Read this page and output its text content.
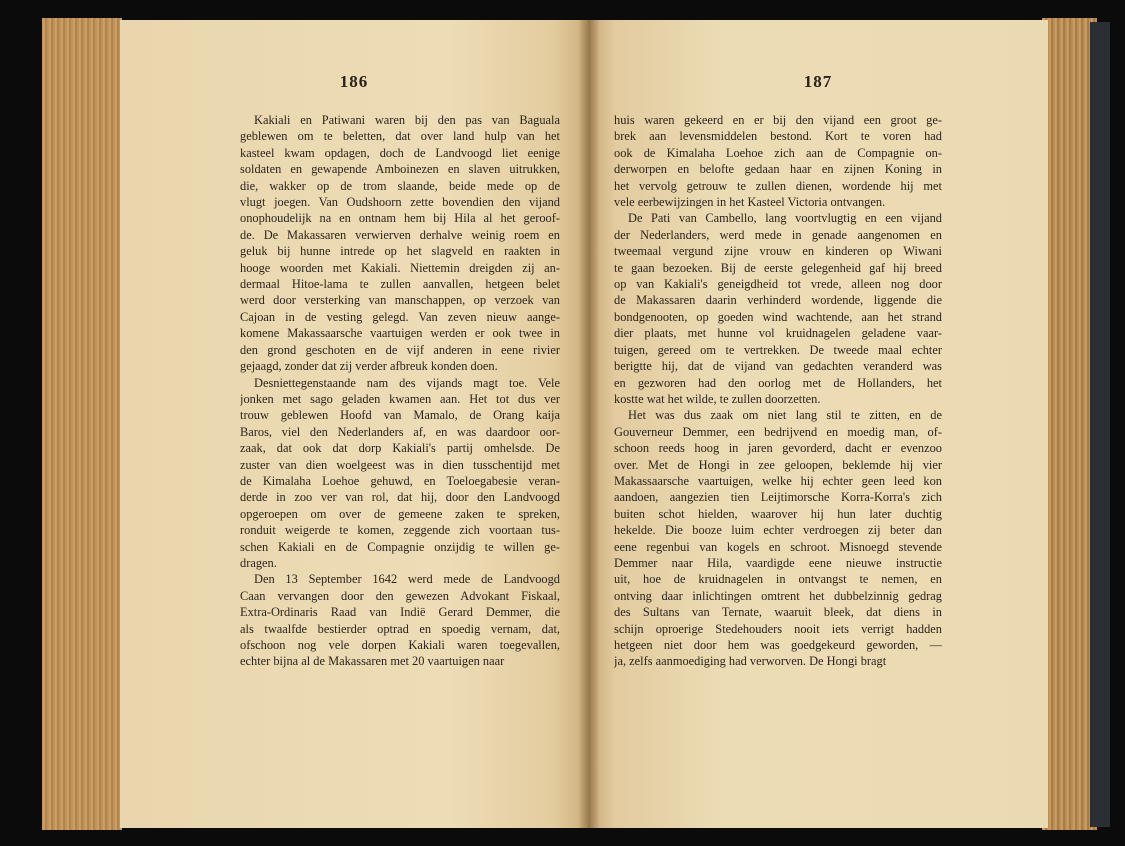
186
Kakiali en Patiwani waren bij den pas van Baguala
geblewen om te beletten, dat over land hulp van het
kasteel kwam opdagen, doch de Landvoogd liet eenige
soldaten en gewapende Amboinezen en slaven uitrukken,
die, wakker op de trom slaande, beide mede op de
vlugt joegen. Van Oudshoorn zette bovendien den vijand
onophoudelijk na en ontnam hem bij Hila al het geroof-
de. De Makassaren verwierven derhalve weinig roem en
geluk bij hunne intrede op het slagveld en raakten in
hooge woorden met Kakiali. Niettemin dreigden zij an-
dermaal Hitoe-lama te zullen aanvallen, hetgeen belet
werd door versterking van manschappen, op verzoek van
Cajoan in de vesting gelegd. Van zeven nieuw aange-
komene Makassaarsche vaartuigen werden er ook twee in
den grond geschoten en de vijf anderen in eene rivier
gejaagd, zonder dat zij verder afbreuk konden doen.
Desniettegenstaande nam des vijands magt toe. Vele
jonken met sago geladen kwamen aan. Het tot dus ver
trouw geblewen Hoofd van Mamalo, de Orang kaija
Baros, viel den Nederlanders af, en was daardoor oor-
zaak, dat ook dat dorp Kakiali's partij omhelsde. De
zuster van dien woelgeest was in dien tusschentijd met
de Kimalaha Loehoe gehuwd, en Toeloegabesie veran-
derde in zoo ver van rol, dat hij, door den Landvoogd
opgeroepen om over de gemeene zaken te spreken,
ronduit weigerde te komen, zeggende zich voortaan tus-
schen Kakiali en de Compagnie onzijdig te willen ge-
dragen.
Den 13 September 1642 werd mede de Landvoogd
Caan vervangen door den gewezen Advokant Fiskaal,
Extra-Ordinaris Raad van Indië Gerard Demmer, die
als twaalfde bestierder optrad en spoedig vernam, dat,
ofschoon nog vele dorpen Kakiali waren toegevallen,
echter bijna al de Makassaren met 20 vaartuigen naar
187
huis waren gekeerd en er bij den vijand een groot ge-
brek aan levensmiddelen bestond. Kort te voren had
ook de Kimalaha Loehoe zich aan de Compagnie on-
derworpen en belofte gedaan haar en zijnen Koning in
het vervolg getrouw te zullen dienen, wordende hij met
vele eerbewijzingen in het Kasteel Victoria ontvangen.
De Pati van Cambello, lang voortvlugtig en een vijand
der Nederlanders, werd mede in genade aangenomen en
tweemaal vergund zijne vrouw en kinderen op Wiwani
te gaan bezoeken. Bij de eerste gelegenheid gaf hij breed
op van Kakiali's geneigdheid tot vrede, alleen nog door
de Makassaren daarin verhinderd wordende, liggende die
bondgenooten, op goeden wind wachtende, aan het strand
dier plaats, met hunne vol kruidnagelen geladene vaar-
tuigen, gereed om te vertrekken. De tweede maal echter
berigtte hij, dat de vijand van gedachten veranderd was
en gezworen had den oorlog met de Hollanders, het
kostte wat het wilde, te zullen doorzetten.
Het was dus zaak om niet lang stil te zitten, en de
Gouverneur Demmer, een bedrijvend en moedig man, of-
schoon reeds hoog in jaren gevorderd, dacht er evenzoo
over. Met de Hongi in zee geloopen, beklemde hij vier
Makassaarsche vaartuigen, welke hij echter geen leed kon
aandoen, aangezien tien Leijtimorsche Korra-Korra's zich
buiten schot hielden, waarover hij hun later duchtig
hekelde. Die booze luim echter verdroegen zij beter dan
eene regenbui van kogels en schroot. Misnoegd stevende
Demmer naar Hila, vaardigde eene nieuwe instructie
uit, hoe de kruidnagelen in ontvangst te nemen, en
ontving daar inlichtingen omtrent het dubbelzinnig gedrag
des Sultans van Ternate, waaruit bleek, dat diens in
schijn oproerige Stedehouders nooit iets verrigt hadden
hetgeen niet door hem was goedgekeurd geworden, —
ja, zelfs aanmoediging had verworven. De Hongi bragt
